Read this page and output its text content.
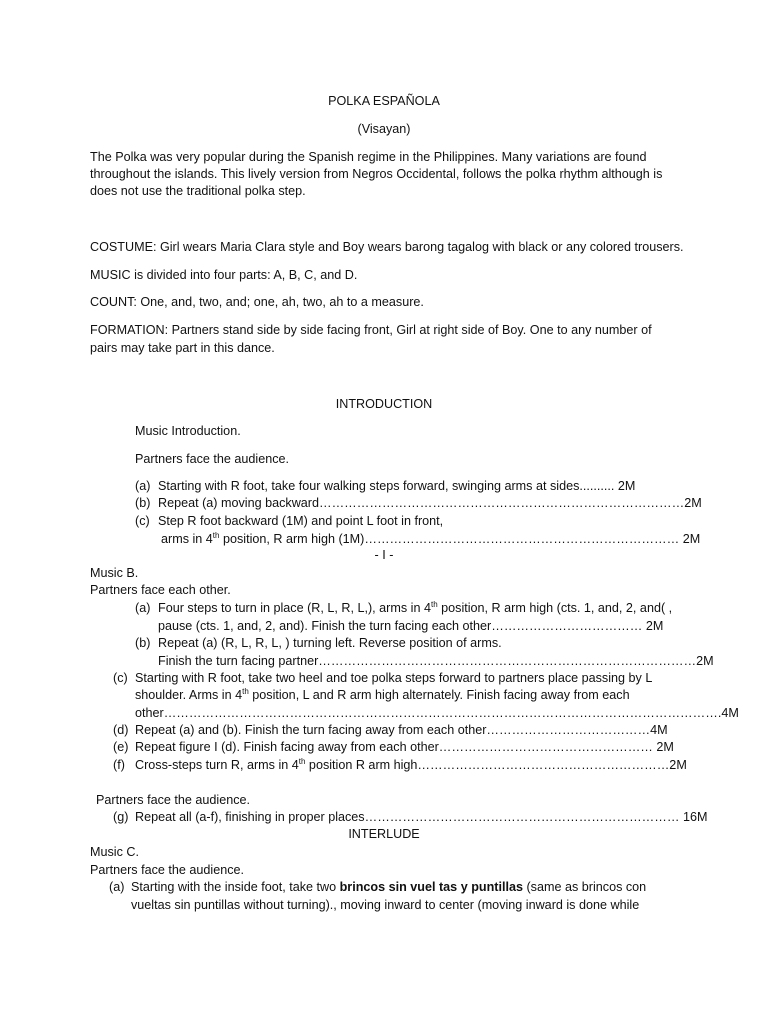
POLKA ESPAÑOLA

(Visayan)

The Polka was very popular during the Spanish regime in the Philippines. Many variations are found

throughout the islands. This lively version from Negros Occidental, follows the polka rhythm although is

does not use the traditional polka step.

COSTUME: Girl wears Maria Clara style and Boy wears barong tagalog with black or any colored trousers.

MUSIC is divided into four parts: A, B, C, and D.

COUNT: One, and, two, and; one, ah, two, ah to a measure.

FORMATION: Partners stand side by side facing front, Girl at right side of Boy. One to any number of

pairs may take part in this dance.

INTRODUCTION

Music Introduction.

Partners face the audience.

(a) Starting with R foot, take four walking steps forward, swinging arms at sides.......... 2M
(b) Repeat (a) moving backward……………………………………………………………………………2M
(c) Step R foot backward (1M) and point L foot in front,
arms in 4th position, R arm high (1M)………………………………………………………………… 2M

- I -

Music B.

Partners face each other.

(a) Four steps to turn in place (R, L, R, L,), arms in 4th position, R arm high (cts. 1, and, 2, and( ,
pause (cts. 1, and, 2, and). Finish the turn facing each other……………………………… 2M
(b) Repeat (a) (R, L, R, L, ) turning left. Reverse position of arms.
Finish the turn facing partner………………………………………………………………………………2M
(c) Starting with R foot, take two heel and toe polka steps forward to partners place passing by L
shoulder. Arms in 4th position, L and R arm high alternately. Finish facing away from each
other…………………………………………………………………………………………………………………….4M
(d) Repeat (a) and (b). Finish the turn facing away from each other…………………………………4M
(e) Repeat figure I (d). Finish facing away from each other…………………………………………… 2M
(f) Cross-steps turn R, arms in 4th position R arm high……………………………………………………2M

Partners face the audience.

(g) Repeat all (a-f), finishing in proper places………………………………………………………………… 16M

INTERLUDE

Music C.

Partners face the audience.

(a) Starting with the inside foot, take two brincos sin vuel tas y puntillas (same as brincos con
vueltas sin puntillas without turning)., moving inward to center (moving inward is done while
